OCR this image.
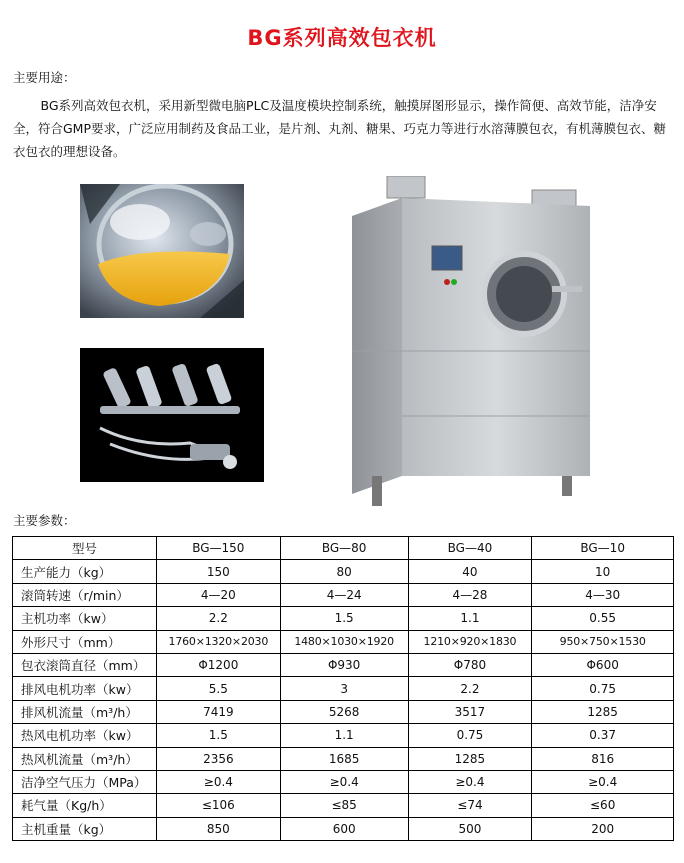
BG系列高效包衣机
主要用途：
BG系列高效包衣机，采用新型微电脑PLC及温度模块控制系统，触摸屏图形显示，操作简便、高效节能，洁净安全，符合GMP要求，广泛应用制药及食品工业，是片剂、丸剂、糖果、巧克力等进行水溶薄膜包衣，有机薄膜包衣、糖衣包衣的理想设备。
主要参数：
型号	BG—150	BG—80	BG—40	BG—10
生产能力（kg）	150	80	40	10
滚筒转速（r/min）	4—20	4—24	4—28	4—30
主机功率（kw）	2.2	1.5	1.1	0.55
外形尺寸（mm）	1760×1320×2030	1480×1030×1920	1210×920×1830	950×750×1530
包衣滚筒直径（mm）	Φ1200	Φ930	Φ780	Φ600
排风电机功率（kw）	5.5	3	2.2	0.75
排风机流量（m³/h）	7419	5268	3517	1285
热风电机功率（kw）	1.5	1.1	0.75	0.37
热风机流量（m³/h）	2356	1685	1285	816
洁净空气压力（MPa）	≥0.4	≥0.4	≥0.4	≥0.4
耗气量（Kg/h）	≤106	≤85	≤74	≤60
主机重量（kg）	850	600	500	200
